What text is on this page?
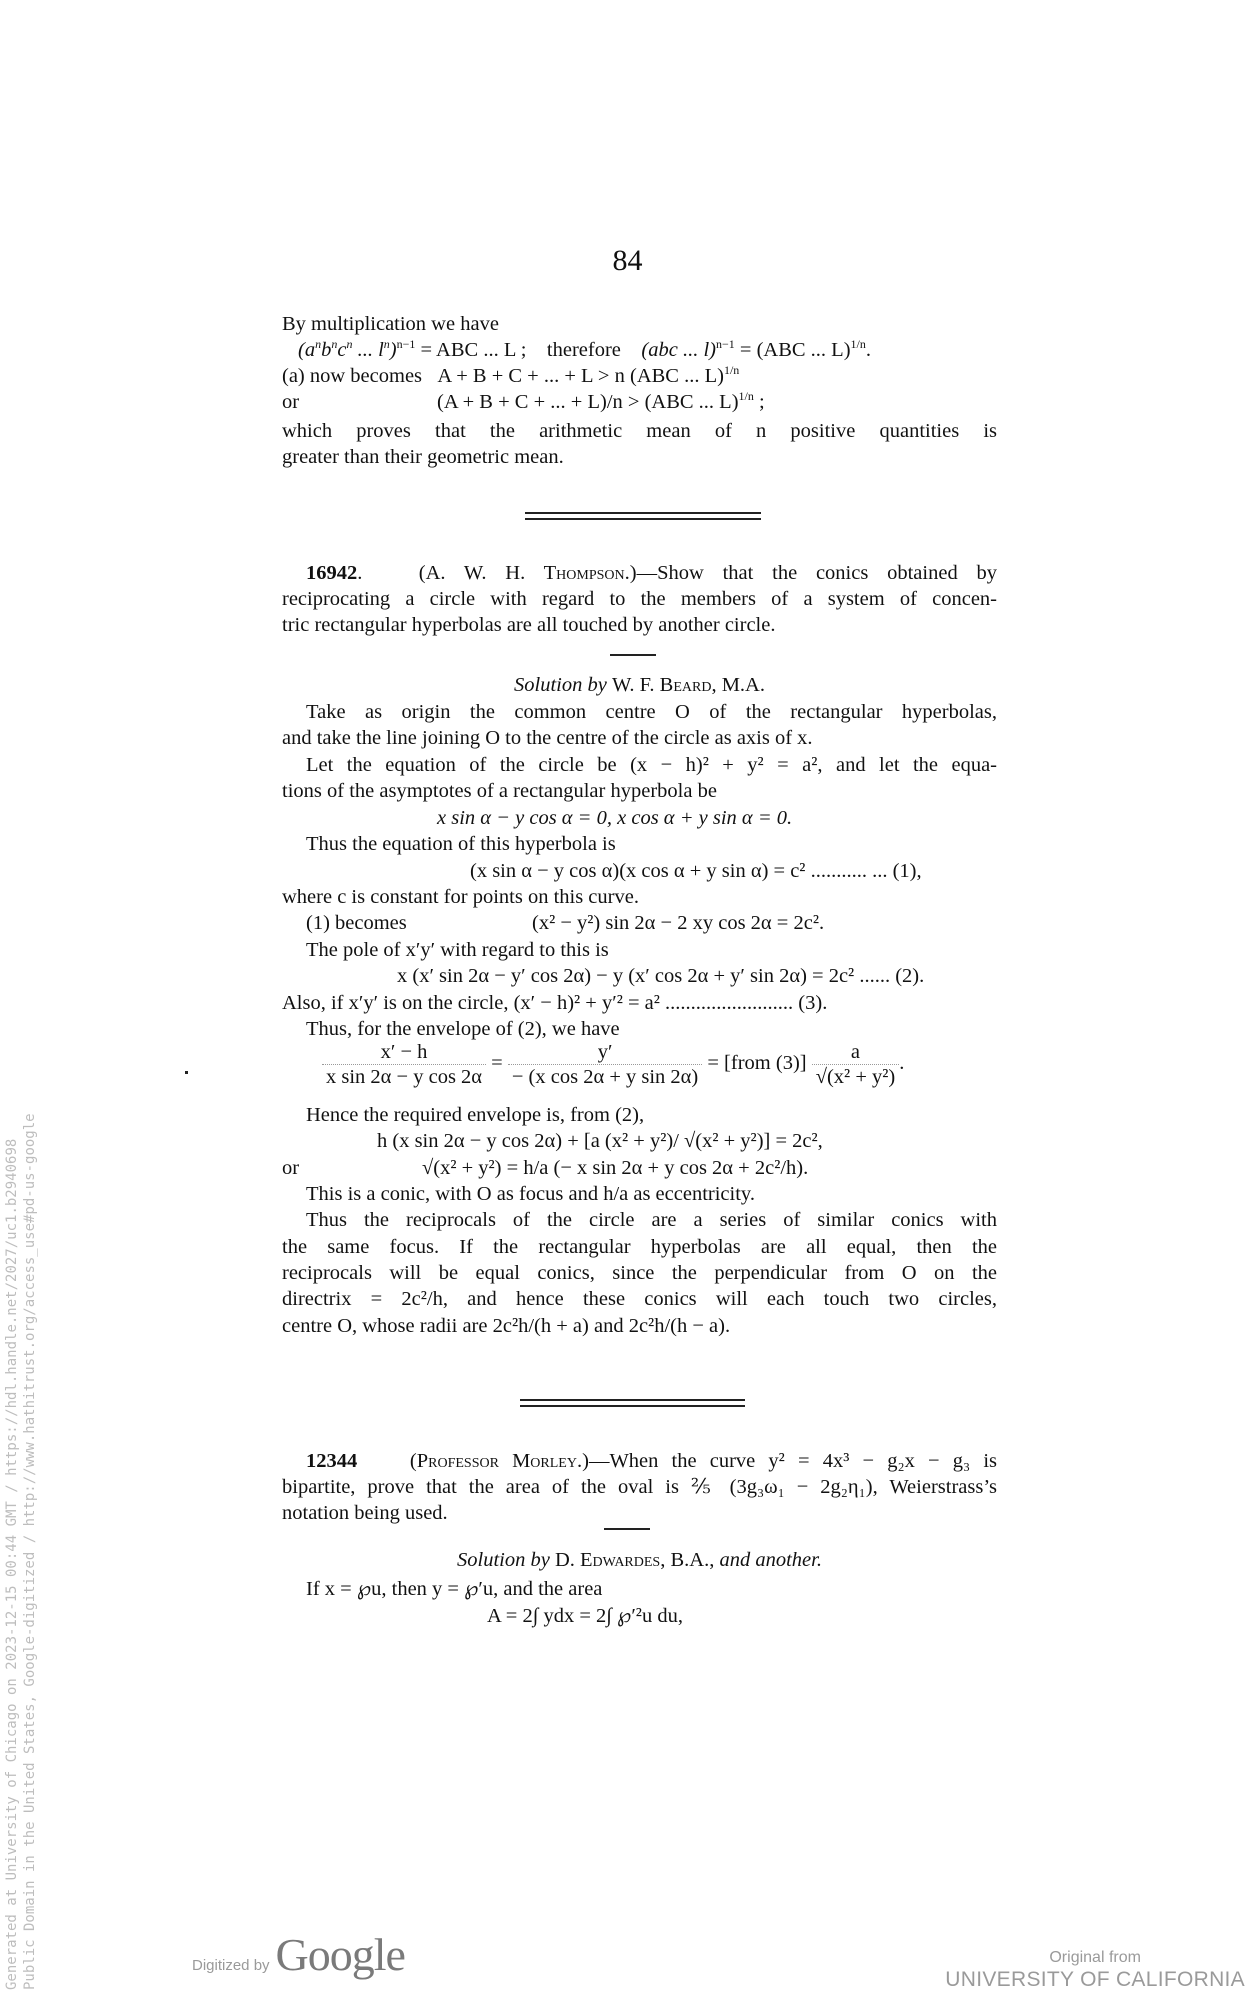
84
By multiplication we have
($a^nb^nc^n$ ... $l^n)^{n-1}$ = ABC ... L ; therefore (abc ... l)$^{n-1}$ = (ABC ... L)$^{1/n}$.
(a) now becomes A + B + C + ... + L > n (ABC ... L)$^{1/n}$
or	(A + B + C + ... + L)/n > (ABC ... L)$^{1/n}$ ;
which proves that the arithmetic mean of n positive quantities is
greater than their geometric mean.
16942.   (A. W. H. Thompson.)—Show that the conics obtained by
reciprocating a circle with regard to the members of a system of concen-
tric rectangular hyperbolas are all touched by another circle.
Solution by W. F. Beard, M.A.
Take as origin the common centre O of the rectangular hyperbolas,
and take the line joining O to the centre of the circle as axis of x.
Let the equation of the circle be (x − h)² + y² = a², and let the equa-
tions of the asymptotes of a rectangular hyperbola be
x sin α − y cos α = 0, x cos α + y sin α = 0.
Thus the equation of this hyperbola is
(x sin α − y cos α)(x cos α + y sin α) = c² ........... ... (1),
where c is constant for points on this curve.
(1) becomes	(x² − y²) sin 2α − 2 xy cos 2α = 2c².
The pole of x′y′ with regard to this is
x (x′ sin 2α − y′ cos 2α) − y (x′ cos 2α + y′ sin 2α) = 2c² ...... (2).
Also, if x′y′ is on the circle, (x′ − h)² + y′² = a² ......................... (3).
Thus, for the envelope of (2), we have
$\frac{x' - h}{\text{x sin 2α − y cos 2α}} = \frac{y'}{\text{− (x cos 2α + y sin 2α)}}$ = [from $(3)] \frac{a}{\text{√(x² + y²)}}$ .
Hence the required envelope is, from (2),
h (x sin 2α − y cos 2α) + [a (x² + y²)/ √(x² + y²)] = 2c²,
or	√(x² + y²) = h/a (− x sin 2α + y cos 2α + 2c²/h).
This is a conic, with O as focus and h/a as eccentricity.
Thus the reciprocals of the circle are a series of similar conics with
the same focus. If the rectangular hyperbolas are all equal, then the
reciprocals will be equal conics, since the perpendicular from O on the
directrix = 2c²/h, and hence these conics will each touch two circles,
centre O, whose radii are 2c²h/(h + a) and 2c²h/(h − a).
12344	(Professor Morley.)—When the curve y² = 4x³ − g₂x − g₃ is
bipartite, prove that the area of the oval is ⅖ (3g₃ω₁ − 2g₂η₁), Weierstrass’s
notation being used.
Solution by D. Edwardes, B.A., and another.
If x = ℘u, then y = ℘′u, and the area
A = 2∫ ydx = 2∫ ℘′²u du,
Generated at University of Chicago on 2023-12-15 00:44 GMT / https://hdl.handle.net/2027/uc1.b2940698 Public Domain in the United States, Google-digitized / http://www.hathitrust.org/access_use#pd-us-google	Digitized by Google	Original from
UNIVERSITY OF CALIFORNIA
